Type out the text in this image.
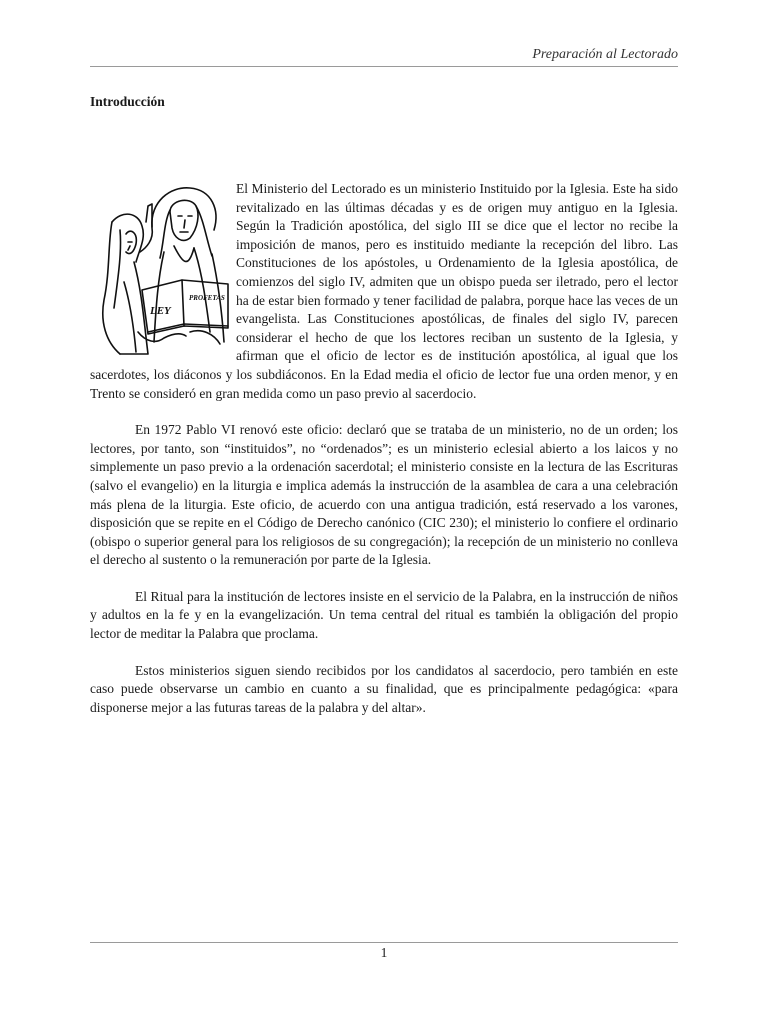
Preparación al Lectorado
Introducción
LEY
PROFETAS

El Ministerio del Lectorado es un ministerio Instituido por la Iglesia. Este ha sido revitalizado en las últimas décadas y es de origen muy antiguo en la Iglesia. Según la Tradición apostólica, del siglo III se dice que el lector no recibe la imposición de manos, pero es instituido mediante la recepción del libro. Las Constituciones de los apóstoles, u Ordenamiento de la Iglesia apostólica, de comienzos del siglo IV, admiten que un obispo pueda ser iletrado, pero el lector ha de estar bien formado y tener facilidad de palabra, porque hace las veces de un evangelista. Las Constituciones apostólicas, de finales del siglo IV, parecen considerar el hecho de que los lectores reciban un sustento de la Iglesia, y afirman que el oficio de lector es de institución apostólica, al igual que los sacerdotes, los diáconos y los subdiáconos. En la Edad media el oficio de lector fue una orden menor, y en Trento se consideró en gran medida como un paso previo al sacerdocio.

En 1972 Pablo VI renovó este oficio: declaró que se trataba de un ministerio, no de un orden; los lectores, por tanto, son “instituidos”, no “ordenados”; es un ministerio eclesial abierto a los laicos y no simplemente un paso previo a la ordenación sacerdotal; el ministerio consiste en la lectura de las Escrituras (salvo el evangelio) en la liturgia e implica además la instrucción de la asamblea de cara a una celebración más plena de la liturgia. Este oficio, de acuerdo con una antigua tradición, está reservado a los varones, disposición que se repite en el Código de Derecho canónico (CIC 230); el ministerio lo confiere el ordinario (obispo o superior general para los religiosos de su congregación); la recepción de un ministerio no conlleva el derecho al sustento o la remuneración por parte de la Iglesia.

El Ritual para la institución de lectores insiste en el servicio de la Palabra, en la instrucción de niños y adultos en la fe y en la evangelización. Un tema central del ritual es también la obligación del propio lector de meditar la Palabra que proclama.

Estos ministerios siguen siendo recibidos por los candidatos al sacerdocio, pero también en este caso puede observarse un cambio en cuanto a su finalidad, que es principalmente pedagógica: «para disponerse mejor a las futuras tareas de la palabra y del altar».

1
